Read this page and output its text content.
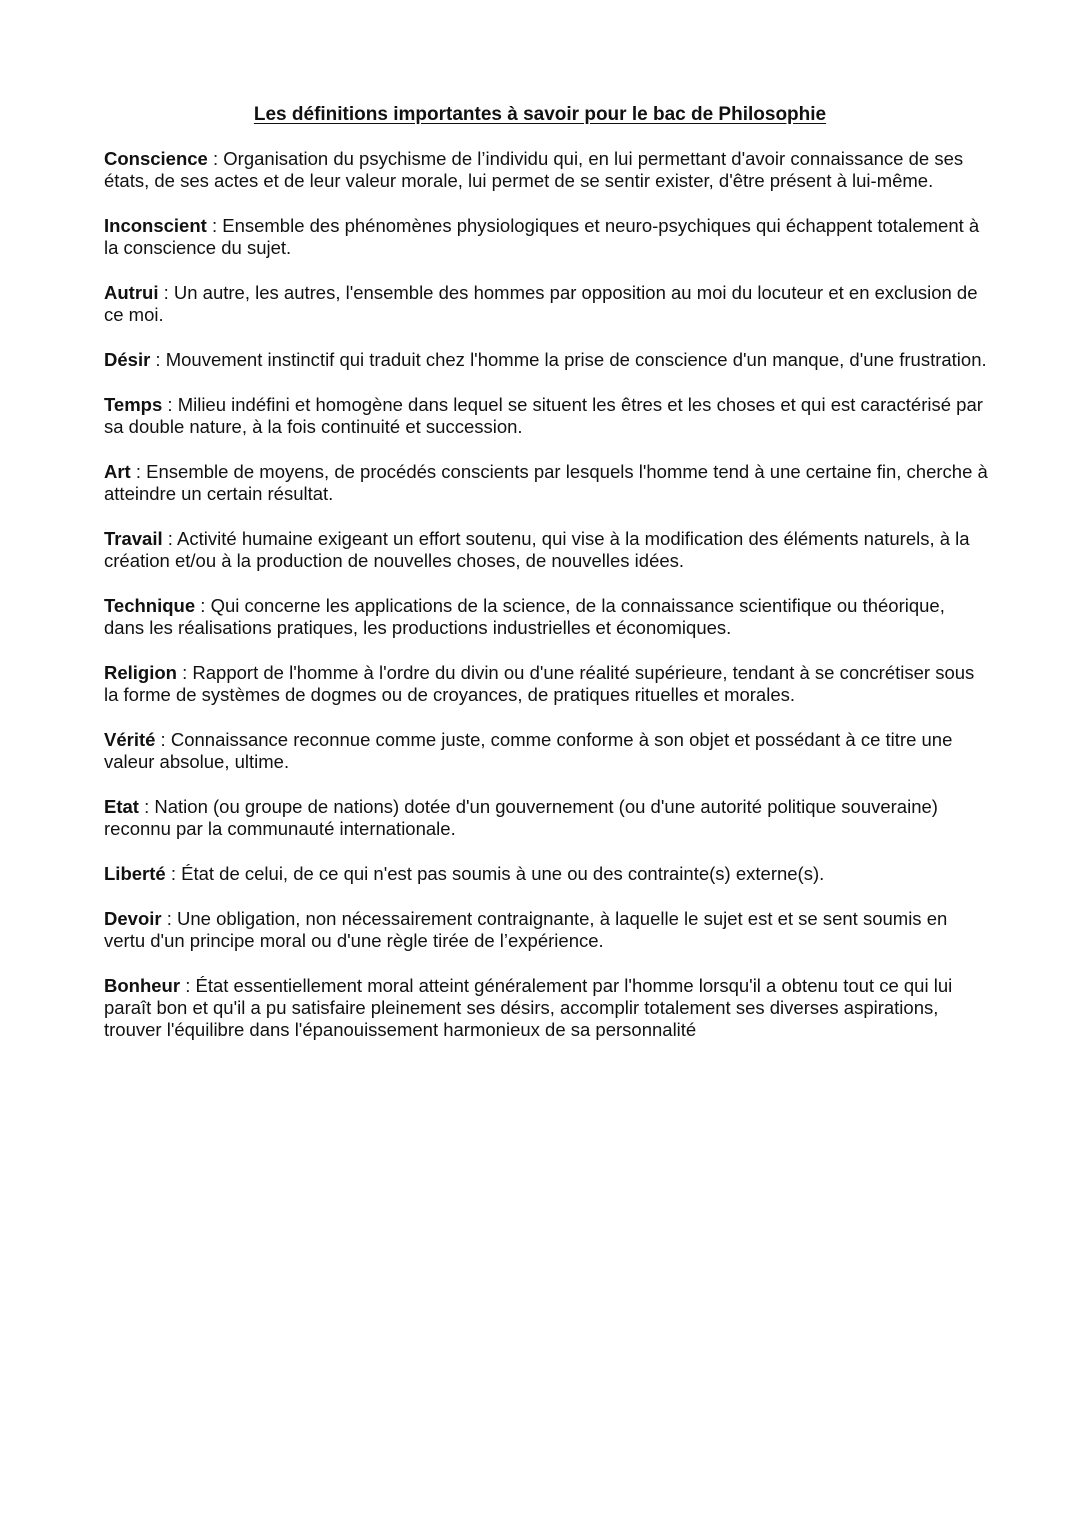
Les définitions importantes à savoir pour le bac de Philosophie
Conscience : Organisation du psychisme de l’individu qui, en lui permettant d'avoir connaissance de ses états, de ses actes et de leur valeur morale, lui permet de se sentir exister, d'être présent à lui-même.
Inconscient : Ensemble des phénomènes physiologiques et neuro-psychiques qui échappent totalement à la conscience du sujet.
Autrui : Un autre, les autres, l'ensemble des hommes par opposition au moi du locuteur et en exclusion de ce moi.
Désir : Mouvement instinctif qui traduit chez l'homme la prise de conscience d'un manque, d'une frustration.
Temps : Milieu indéfini et homogène dans lequel se situent les êtres et les choses et qui est caractérisé par sa double nature, à la fois continuité et succession.
Art : Ensemble de moyens, de procédés conscients par lesquels l'homme tend à une certaine fin, cherche à atteindre un certain résultat.
Travail : Activité humaine exigeant un effort soutenu, qui vise à la modification des éléments naturels, à la création et/ou à la production de nouvelles choses, de nouvelles idées.
Technique : Qui concerne les applications de la science, de la connaissance scientifique ou théorique, dans les réalisations pratiques, les productions industrielles et économiques.
Religion : Rapport de l'homme à l'ordre du divin ou d'une réalité supérieure, tendant à se concrétiser sous la forme de systèmes de dogmes ou de croyances, de pratiques rituelles et morales.
Vérité : Connaissance reconnue comme juste, comme conforme à son objet et possédant à ce titre une valeur absolue, ultime.
Etat : Nation (ou groupe de nations) dotée d'un gouvernement (ou d'une autorité politique souveraine) reconnu par la communauté internationale.
Liberté : État de celui, de ce qui n'est pas soumis à une ou des contrainte(s) externe(s).
Devoir : Une obligation, non nécessairement contraignante, à laquelle le sujet est et se sent soumis en vertu d'un principe moral ou d'une règle tirée de l’expérience.
Bonheur : État essentiellement moral atteint généralement par l'homme lorsqu'il a obtenu tout ce qui lui paraît bon et qu'il a pu satisfaire pleinement ses désirs, accomplir totalement ses diverses aspirations, trouver l'équilibre dans l'épanouissement harmonieux de sa personnalité
